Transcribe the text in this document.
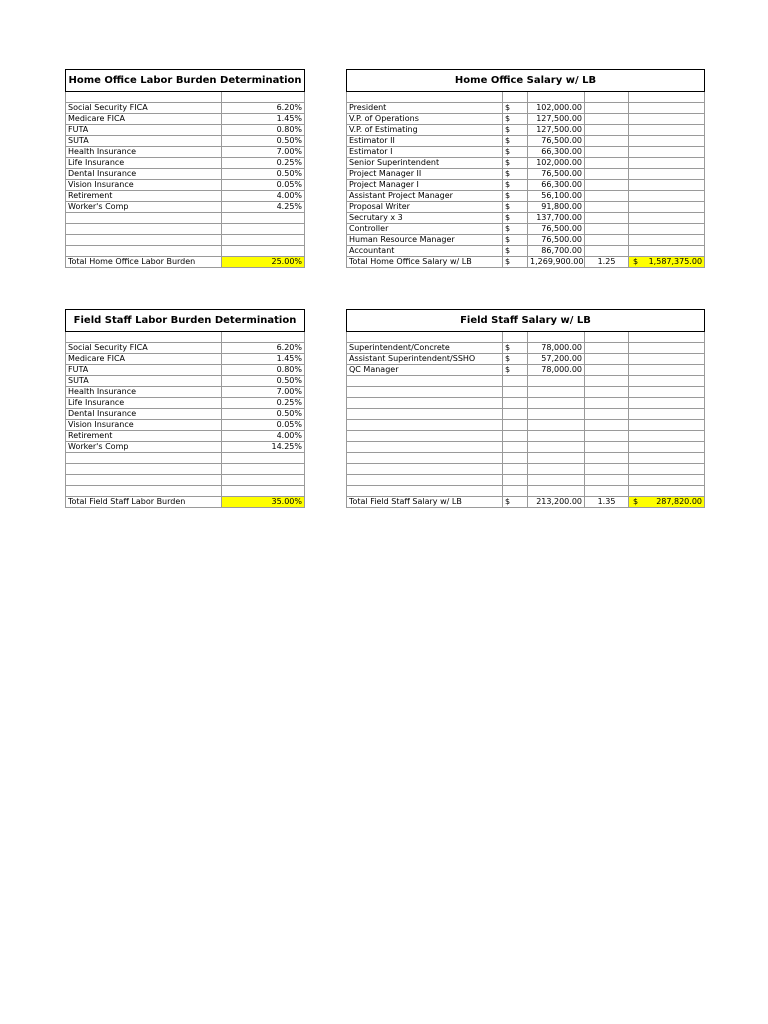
Home Office Labor Burden Determination	

Social Security FICA	6.20%
Medicare FICA	1.45%
FUTA	0.80%
SUTA	0.50%
Health Insurance	7.00%
Life Insurance	0.25%
Dental Insurance	0.50%
Vision Insurance	0.05%
Retirement	4.00%
Worker's Comp	4.25%

Total Home Office Labor Burden	25.00%
Home Office Salary w/ LB				

President	$	102,000.00		
V.P. of Operations	$	127,500.00		
V.P. of Estimating	$	127,500.00		
Estimator II	$	76,500.00		
Estimator I	$	66,300.00		
Senior Superintendent	$	102,000.00		
Project Manager II	$	76,500.00		
Project Manager I	$	66,300.00		
Assistant Project Manager	$	56,100.00		
Proposal Writer	$	91,800.00		
Secrutary x 3	$	137,700.00		
Controller	$	76,500.00		
Human Resource Manager	$	76,500.00		
Accountant	$	86,700.00		
Total Home Office Salary w/ LB	$	1,269,900.00	1.25	$ 1,587,375.00
Field Staff Labor Burden Determination	

Social Security FICA	6.20%
Medicare FICA	1.45%
FUTA	0.80%
SUTA	0.50%
Health Insurance	7.00%
Life Insurance	0.25%
Dental Insurance	0.50%
Vision Insurance	0.05%
Retirement	4.00%
Worker's Comp	14.25%

Total Field Staff Labor Burden	35.00%
Field Staff Salary w/ LB				

Superintendent/Concrete	$	78,000.00		
Assistant Superintendent/SSHO	$	57,200.00		
QC Manager	$	78,000.00		

Total Field Staff Salary w/ LB	$	213,200.00	1.35	$ 287,820.00
